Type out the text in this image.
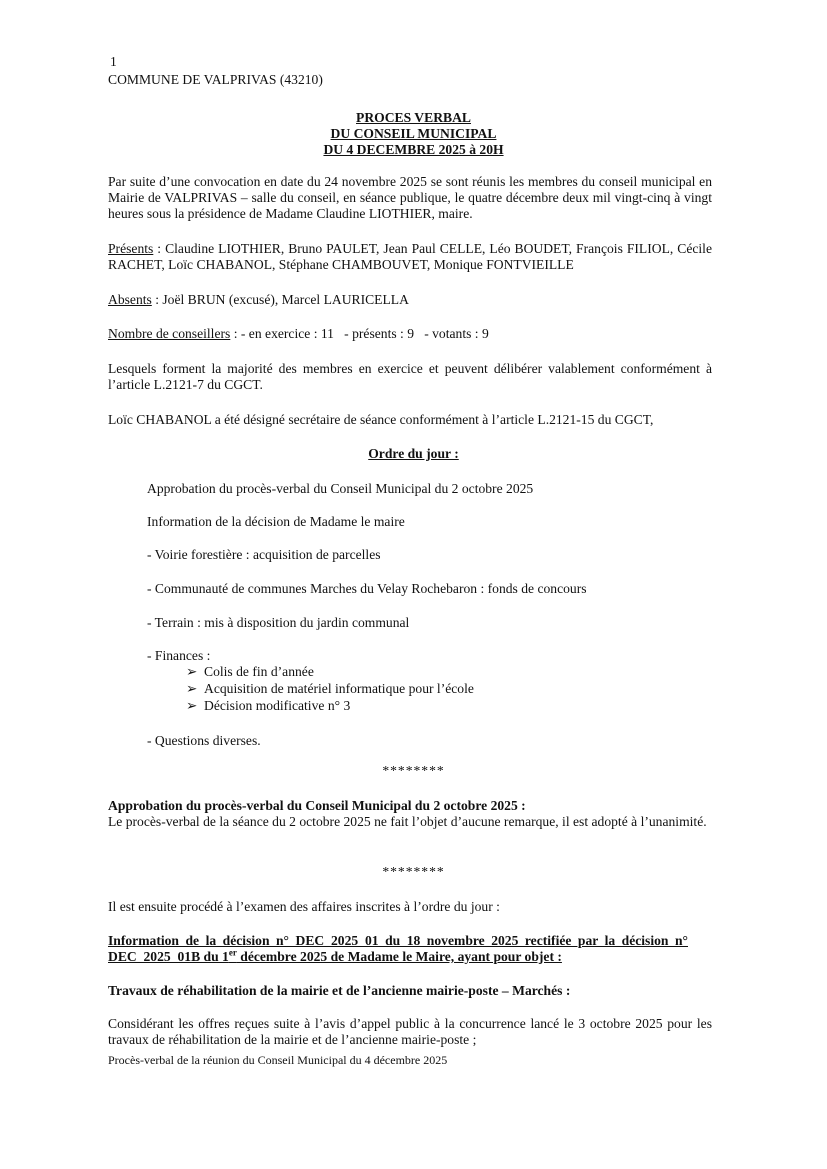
1
COMMUNE DE VALPRIVAS (43210)
PROCES VERBAL
DU CONSEIL MUNICIPAL
DU 4 DECEMBRE 2025 à 20H
Par suite d’une convocation en date du 24 novembre 2025 se sont réunis les membres du conseil municipal en Mairie de VALPRIVAS – salle du conseil, en séance publique, le quatre décembre deux mil vingt-cinq à vingt heures sous la présidence de Madame Claudine LIOTHIER, maire.
Présents : Claudine LIOTHIER, Bruno PAULET, Jean Paul CELLE, Léo BOUDET, François FILIOL, Cécile RACHET, Loïc CHABANOL, Stéphane CHAMBOUVET, Monique FONTVIEILLE
Absents : Joël BRUN (excusé), Marcel LAURICELLA
Nombre de conseillers : - en exercice : 11   - présents : 9   - votants : 9
Lesquels forment la majorité des membres en exercice et peuvent délibérer valablement conformément à l’article L.2121-7 du CGCT.
Loïc CHABANOL a été désigné secrétaire de séance conformément à l’article L.2121-15 du CGCT,
Ordre du jour :
Approbation du procès-verbal du Conseil Municipal du 2 octobre 2025
Information de la décision de Madame le maire
- Voirie forestière : acquisition de parcelles
- Communauté de communes Marches du Velay Rochebaron : fonds de concours
- Terrain : mis à disposition du jardin communal
- Finances :
➢ Colis de fin d’année
➢ Acquisition de matériel informatique pour l’école
➢ Décision modificative n° 3
- Questions diverses.
********
Approbation du procès-verbal du Conseil Municipal du 2 octobre 2025 :
Le procès-verbal de la séance du 2 octobre 2025 ne fait l’objet d’aucune remarque, il est adopté à l’unanimité.
********
Il est ensuite procédé à l’examen des affaires inscrites à l’ordre du jour :
Information de la décision n° DEC_2025_01 du 18 novembre 2025 rectifiée par la décision n° DEC_2025_01B du 1er décembre 2025 de Madame le Maire, ayant pour objet :
Travaux de réhabilitation de la mairie et de l’ancienne mairie-poste – Marchés :
Considérant les offres reçues suite à l’avis d’appel public à la concurrence lancé le 3 octobre 2025 pour les travaux de réhabilitation de la mairie et de l’ancienne mairie-poste ;
Procès-verbal de la réunion du Conseil Municipal du 4 décembre 2025
